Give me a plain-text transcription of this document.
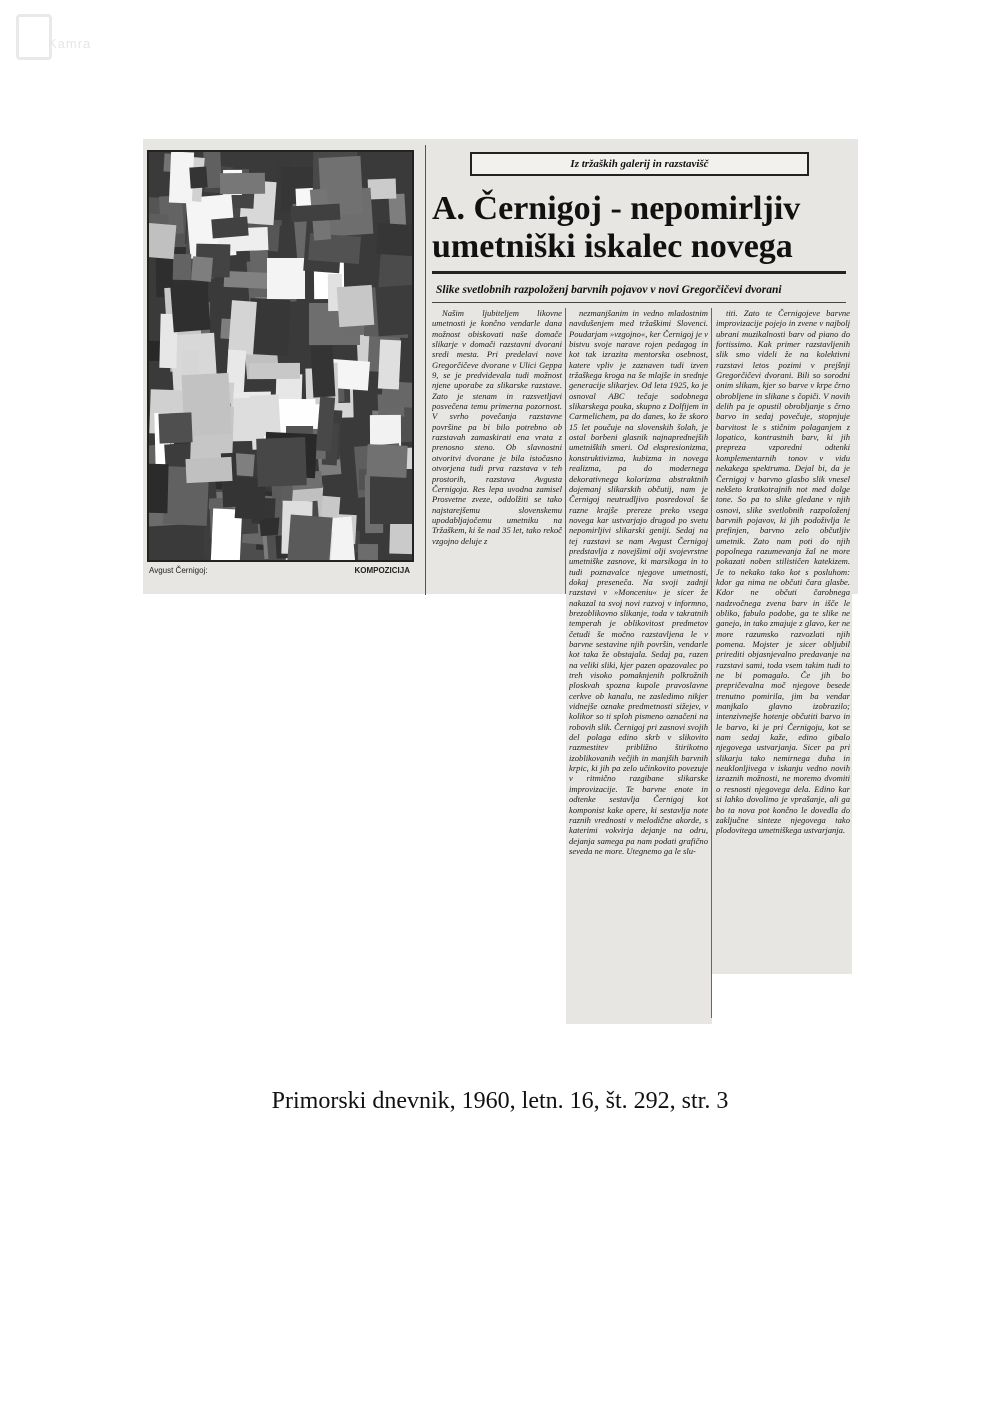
Kamra
Avgust Černigoj:	KOMPOZICIJA
Iz tržaških galerij in razstavišč
A. Černigoj - nepomirljiv umetniški iskalec novega
Slike svetlobnih razpoloženj barvnih pojavov v novi Gregorčičevi dvorani

Našim ljubiteljem likovne umetnosti je končno vendarle dana možnost obiskovati naše domače slikarje v domači razstavni dvorani sredi mesta. Pri predelavi nove Gregorčičeve dvorane v Ulici Geppa 9, se je predvidevala tudi možnost njene uporabe za slikarske razstave. Zato je stenam in razsvetljavi posvečena temu primerna pozornost. V svrho povečanja razstavne površine pa bi bilo potrebno ob razstavah zamaskirati ena vrata z prenosno steno. Ob slavnostni otvoritvi dvorane je bila istočasno otvorjena tudi prva razstava v teh prostorih, razstava Avgusta Černigoja. Res lepa uvodna zamisel Prosvetne zveze, oddolžiti se tako najstarejšemu slovenskemu upodabljajočemu umetniku na Tržaškem, ki še nad 35 let, tako rekoč vzgojno deluje z

nezmanjšanim in vedno mladostnim navdušenjem med tržaškimi Slovenci. Poudarjam »vzgojno«, ker Černigoj je v bistvu svoje narave rojen pedagog in kot tak izrazita mentorska osebnost, katere vpliv je zaznaven tudi izven tržaškega kroga na še mlajše in srednje generacije slikarjev. Od leta 1925, ko je osnoval ABC tečaje sodobnega slikarskega pouka, skupno z Dolfijem in Carmelichem, pa do danes, ko že skoro 15 let poučuje na slovenskih šolah, je ostal borbeni glasnik najnaprednejših umetniških smeri. Od ekspresionizma, konstruktivizma, kubizma in novega realizma, pa do modernega dekorativnega kolorizma abstraktnih dojemanj slikarskih občutij, nam je Černigoj neutrudljivo posredoval še razne krajše prereze preko vsega novega kar ustvarjajo drugod po svetu nepomirljivi slikarski geniji. Sedaj na tej razstavi se nam Avgust Černigoj predstavlja z novejšimi olji svojevrstne umetniške zasnove, ki marsikoga in to tudi poznavalce njegove umetnosti, dokaj preseneča. Na svoji zadnji razstavi v »Monceniu« je sicer že nakazal ta svoj novi razvoj v informno, brezoblikovno slikanje, toda v takratnih temperah je oblikovitost predmetov četudi še močno razstavljena le v barvne sestavine njih površin, vendarle kot taka že obstajala. Sedaj pa, razen na veliki sliki, kjer pazen opazovalec po treh visoko pomaknjenih polkrožnih ploskvah spozna kupole pravoslavne cerkve ob kanalu, ne zasledimo nikjer vidnejše oznake predmetnosti sižejev, v kolikor so ti sploh pismeno označeni na robovih slik. Černigoj pri zasnovi svojih del polaga edino skrb v slikovito razmestitev približno štirikotno izoblikovanih večjih in manjših barvnih krpic, ki jih pa zelo učinkovito povezuje v ritmično razgibane slikarske improvizacije. Te barvne enote in odtenke sestavlja Černigoj kot komponist kake opere, ki sestavlja note raznih vrednosti v melodične akorde, s katerimi vokvirja dejanje na odru, dejanja samega pa nam podati grafično seveda ne more. Utegnemo ga le slu-

titi. Zato te Černigojeve barvne improvizacije pojejo in zvene v najbolj ubrani muzikalnosti barv od piano do fortissimo. Kak primer razstavljenih slik smo videli že na kolektivni razstavi letos pozimi v prejšnji Gregorčičevi dvorani. Bili so sorodni onim slikam, kjer so barve v krpe črno obrobljene in slikane s čopiči. V novih delih pa je opustil obrobljanje s črno barvo in sedaj povečuje, stopnjuje barvitost le s stičnim polaganjem z lopatico, kontrastnih barv, ki jih prepreza vzporedni odtenki komplementarnih tonov v vidu nekakega spektruma. Dejal bi, da je Černigoj v barvno glasbo slik vnesel nekšeto kratkotrajnih not med dolge tone. So pa to slike gledane v njih osnovi, slike svetlobnih razpoloženj barvnih pojavov, ki jih podoživlja le prefinjen, barvno zelo občutljiv umetnik. Zato nam poti do njih popolnega razumevanja žal ne more pokazati noben stilističen katekizem. Je to nekako tako kot s posluhom: kdor ga nima ne občuti čara glasbe. Kdor ne občuti čarobnega nadzvočnega zvena barv in išče le obliko, fabulo podobe, ga te slike ne ganejo, in tako zmajuje z glavo, ker ne more razumsko razvozlati njih pomena. Mojster je sicer obljubil prirediti objasnjevalno predavanje na razstavi sami, toda vsem takim tudi to ne bi pomagalo. Če jih bo prepričevalna moč njegove besede trenutno pomirila, jim ba vendar manjkalo glavno izobrazilo; intenzivnejše hotenje občutiti barvo in le barvo, ki je pri Černigoju, kot se nam sedaj kaže, edino gibalo njegovega ustvarjanja. Sicer pa pri slikarju tako nemirnega duha in neuklonljivega v iskanju vedno novih izraznih možnosti, ne moremo dvomiti o resnosti njegovega dela. Edino kar si lahko dovolimo je vprašanje, ali ga bo ta nova pot končno le dovedla do zaključne sinteze njegovega tako plodovitega umetniškega ustvarjanja.

Primorski dnevnik, 1960, letn. 16, št. 292, str. 3
